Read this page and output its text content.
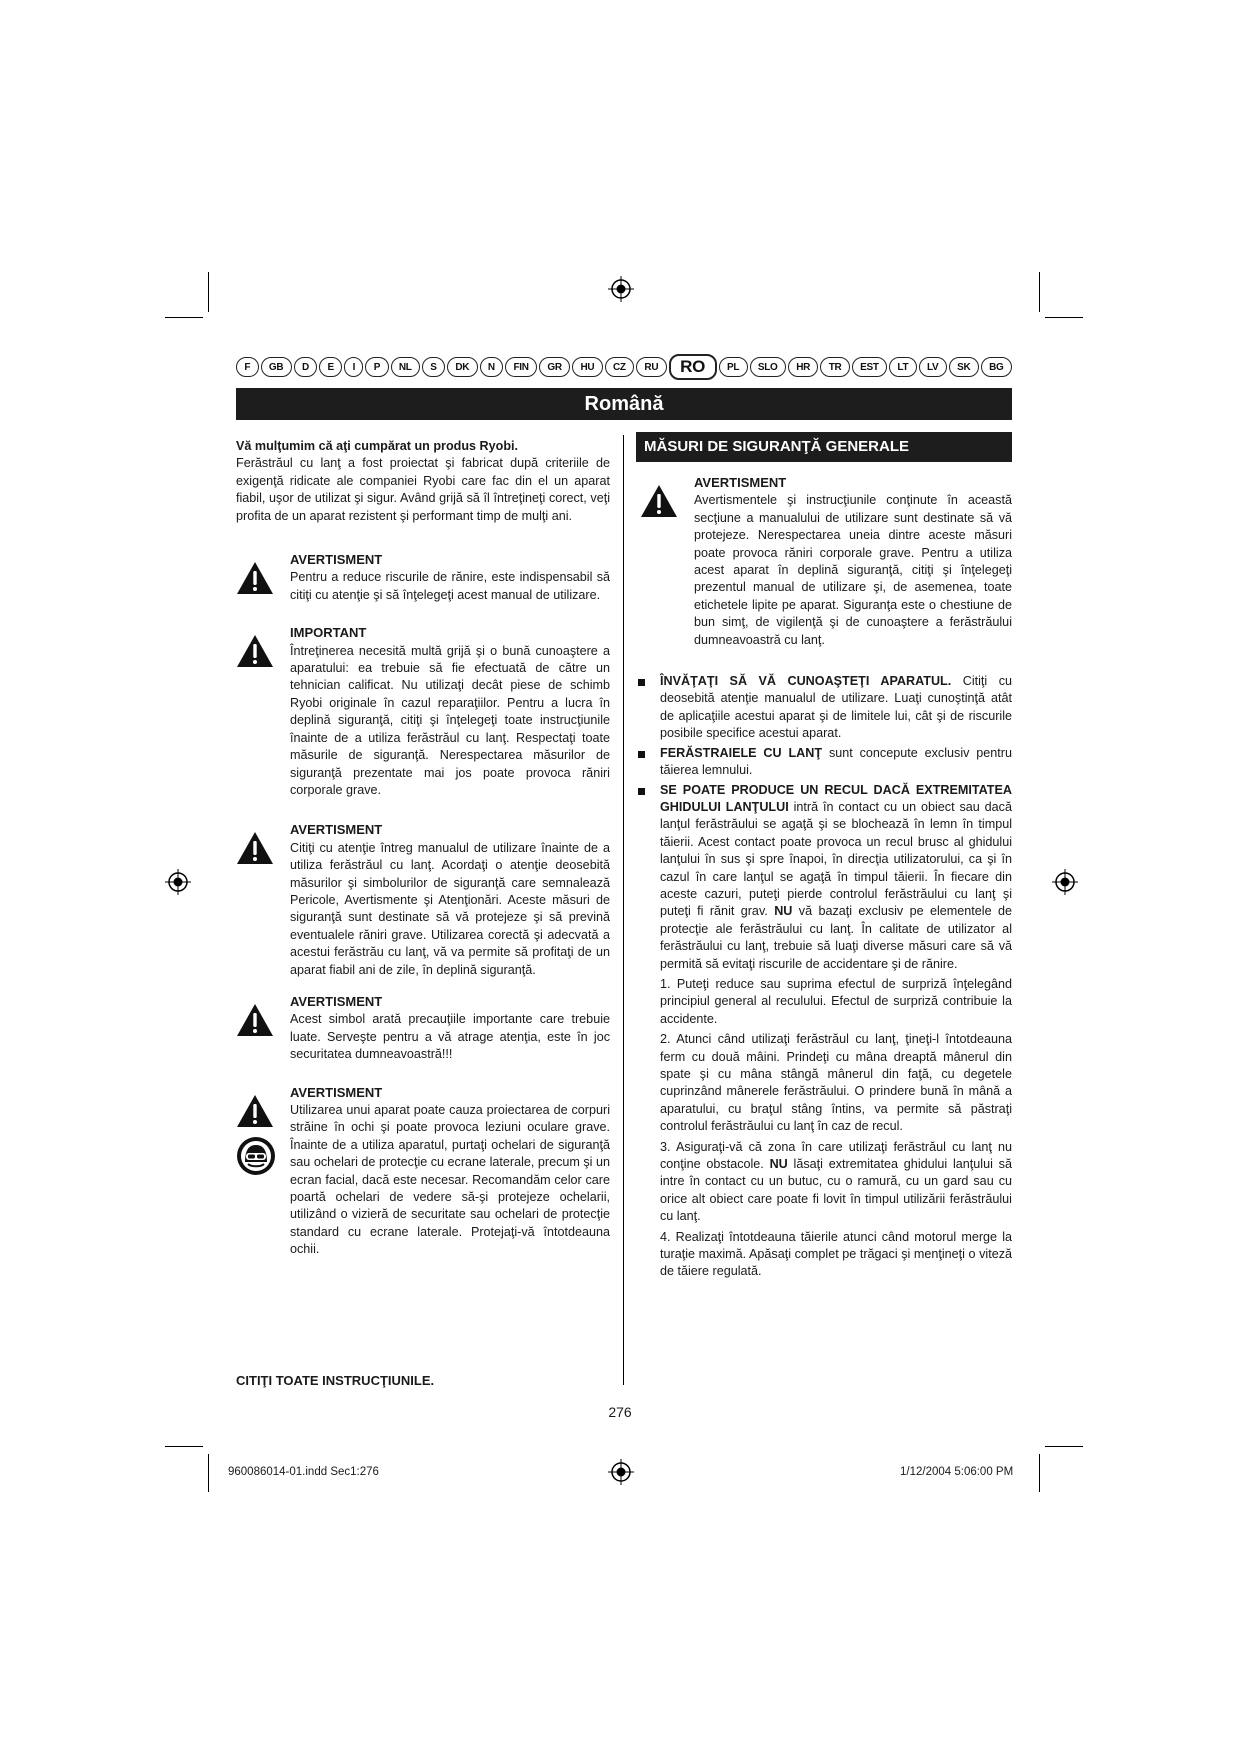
F	GB	D	E	I	P	NL	S	DK	N	FIN	GR	HU	CZ	RU	RO	PL	SLO	HR	TR	EST	LT	LV	SK	BG
Română

Vă mulţumim că aţi cumpărat un produs Ryobi.

Ferăstrăul cu lanţ a fost proiectat şi fabricat după criteriile de exigenţă ridicate ale companiei Ryobi care fac din el un aparat fiabil, uşor de utilizat şi sigur. Având grijă să îl întreţineţi corect, veţi profita de un aparat rezistent şi performant timp de mulţi ani.

AVERTISMENT

Pentru a reduce riscurile de rănire, este indispensabil să citiţi cu atenţie şi să înţelegeţi acest manual de utilizare.

IMPORTANT

Întreţinerea necesită multă grijă şi o bună cunoaştere a aparatului: ea trebuie să fie efectuată de către un tehnician calificat. Nu utilizaţi decât piese de schimb Ryobi originale în cazul reparaţiilor. Pentru a lucra în deplină siguranţă, citiţi şi înţelegeţi toate instrucţiunile înainte de a utiliza ferăstrăul cu lanţ. Respectaţi toate măsurile de siguranţă. Nerespectarea măsurilor de siguranţă prezentate mai jos poate provoca răniri corporale grave.

AVERTISMENT

Citiţi cu atenţie întreg manualul de utilizare înainte de a utiliza ferăstrăul cu lanţ. Acordaţi o atenţie deosebită măsurilor şi simbolurilor de siguranţă care semnalează Pericole, Avertismente şi Atenţionări. Aceste măsuri de siguranţă sunt destinate să vă protejeze şi să prevină eventualele răniri grave. Utilizarea corectă şi adecvată a acestui ferăstrău cu lanţ, vă va permite să profitaţi de un aparat fiabil ani de zile, în deplină siguranţă.

AVERTISMENT

Acest simbol arată precauţiile importante care trebuie luate. Serveşte pentru a vă atrage atenţia, este în joc securitatea dumneavoastră!!!

AVERTISMENT

Utilizarea unui aparat poate cauza proiectarea de corpuri străine în ochi şi poate provoca leziuni oculare grave. Înainte de a utiliza aparatul, purtaţi ochelari de siguranţă sau ochelari de protecţie cu ecrane laterale, precum şi un ecran facial, dacă este necesar. Recomandăm celor care poartă ochelari de vedere să-şi protejeze ochelarii, utilizând o vizieră de securitate sau ochelari de protecţie standard cu ecrane laterale. Protejaţi-vă întotdeauna ochii.

CITIŢI TOATE INSTRUCŢIUNILE.
MĂSURI DE SIGURANŢĂ GENERALE
AVERTISMENT

Avertismentele şi instrucţiunile conţinute în această secţiune a manualului de utilizare sunt destinate să vă protejeze. Nerespectarea uneia dintre aceste măsuri poate provoca răniri corporale grave. Pentru a utiliza acest aparat în deplină siguranţă, citiţi şi înţelegeţi prezentul manual de utilizare şi, de asemenea, toate etichetele lipite pe aparat. Siguranţa este o chestiune de bun simţ, de vigilenţă şi de cunoaştere a ferăstrăului dumneavoastră cu lanţ.

ÎNVĂŢAŢI SĂ VĂ CUNOAŞTEŢI APARATUL. Citiţi cu deosebită atenţie manualul de utilizare. Luaţi cunoştinţă atât de aplicaţiile acestui aparat şi de limitele lui, cât şi de riscurile posibile specifice acestui aparat.

FERĂSTRAIELE CU LANŢ sunt concepute exclusiv pentru tăierea lemnului.

SE POATE PRODUCE UN RECUL DACĂ EXTREMITATEA GHIDULUI LANŢULUI intră în contact cu un obiect sau dacă lanţul ferăstrăului se agaţă şi se blochează în lemn în timpul tăierii. Acest contact poate provoca un recul brusc al ghidului lanţului în sus şi spre înapoi, în direcţia utilizatorului, ca şi în cazul în care lanţul se agaţă în timpul tăierii. În fiecare din aceste cazuri, puteţi pierde controlul ferăstrăului cu lanţ şi puteţi fi rănit grav. NU vă bazaţi exclusiv pe elementele de protecţie ale ferăstrăului cu lanţ. În calitate de utilizator al ferăstrăului cu lanţ, trebuie să luaţi diverse măsuri care să vă permită să evitaţi riscurile de accidentare şi de rănire.

1. Puteţi reduce sau suprima efectul de surpriză înţelegând principiul general al reculului. Efectul de surpriză contribuie la accidente.

2. Atunci când utilizaţi ferăstrăul cu lanţ, ţineţi-l întotdeauna ferm cu două mâini. Prindeţi cu mâna dreaptă mânerul din spate şi cu mâna stângă mânerul din faţă, cu degetele cuprinzând mânerele ferăstrăului. O prindere bună în mână a aparatului, cu braţul stâng întins, va permite să păstraţi controlul ferăstrăului cu lanţ în caz de recul.

3. Asiguraţi-vă că zona în care utilizaţi ferăstrăul cu lanţ nu conţine obstacole. NU lăsaţi extremitatea ghidului lanţului să intre în contact cu un butuc, cu o ramură, cu un gard sau cu orice alt obiect care poate fi lovit în timpul utilizării ferăstrăului cu lanţ.

4. Realizaţi întotdeauna tăierile atunci când motorul merge la turaţie maximă. Apăsaţi complet pe trăgaci şi menţineţi o viteză de tăiere regulată.

276
960086014-01.indd Sec1:276	1/12/2004 5:06:00 PM
